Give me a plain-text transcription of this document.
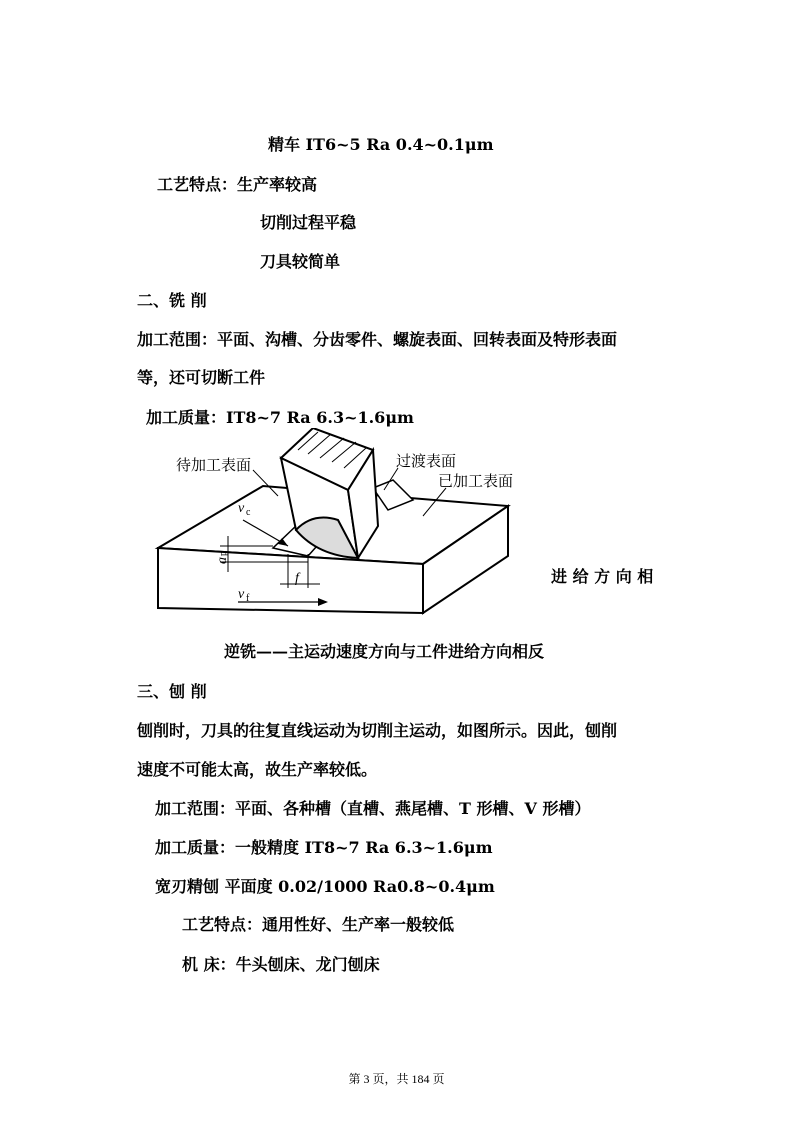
精车 IT6~5 Ra 0.4~0.1μm
工艺特点：生产率较高
切削过程平稳
刀具较简单
二、铣 削
加工范围：平面、沟槽、分齿零件、螺旋表面、回转表面及特形表面
等，还可切断工件
加工质量：IT8~7 Ra 6.3~1.6μm
待加工表面	过渡表面
已加工表面
v c
a
p
f
v f
进 给 方 向 相
逆铣——主运动速度方向与工件进给方向相反
三、刨 削
刨削时，刀具的往复直线运动为切削主运动，如图所示。因此，刨削
速度不可能太高，故生产率较低。
加工范围：平面、各种槽（直槽、燕尾槽、T 形槽、V 形槽）
加工质量：一般精度 IT8~7 Ra 6.3~1.6μm
宽刃精刨 平面度 0.02/1000 Ra0.8~0.4μm
工艺特点：通用性好、生产率一般较低
机 床：牛头刨床、龙门刨床
第 3 页，共 184 页
